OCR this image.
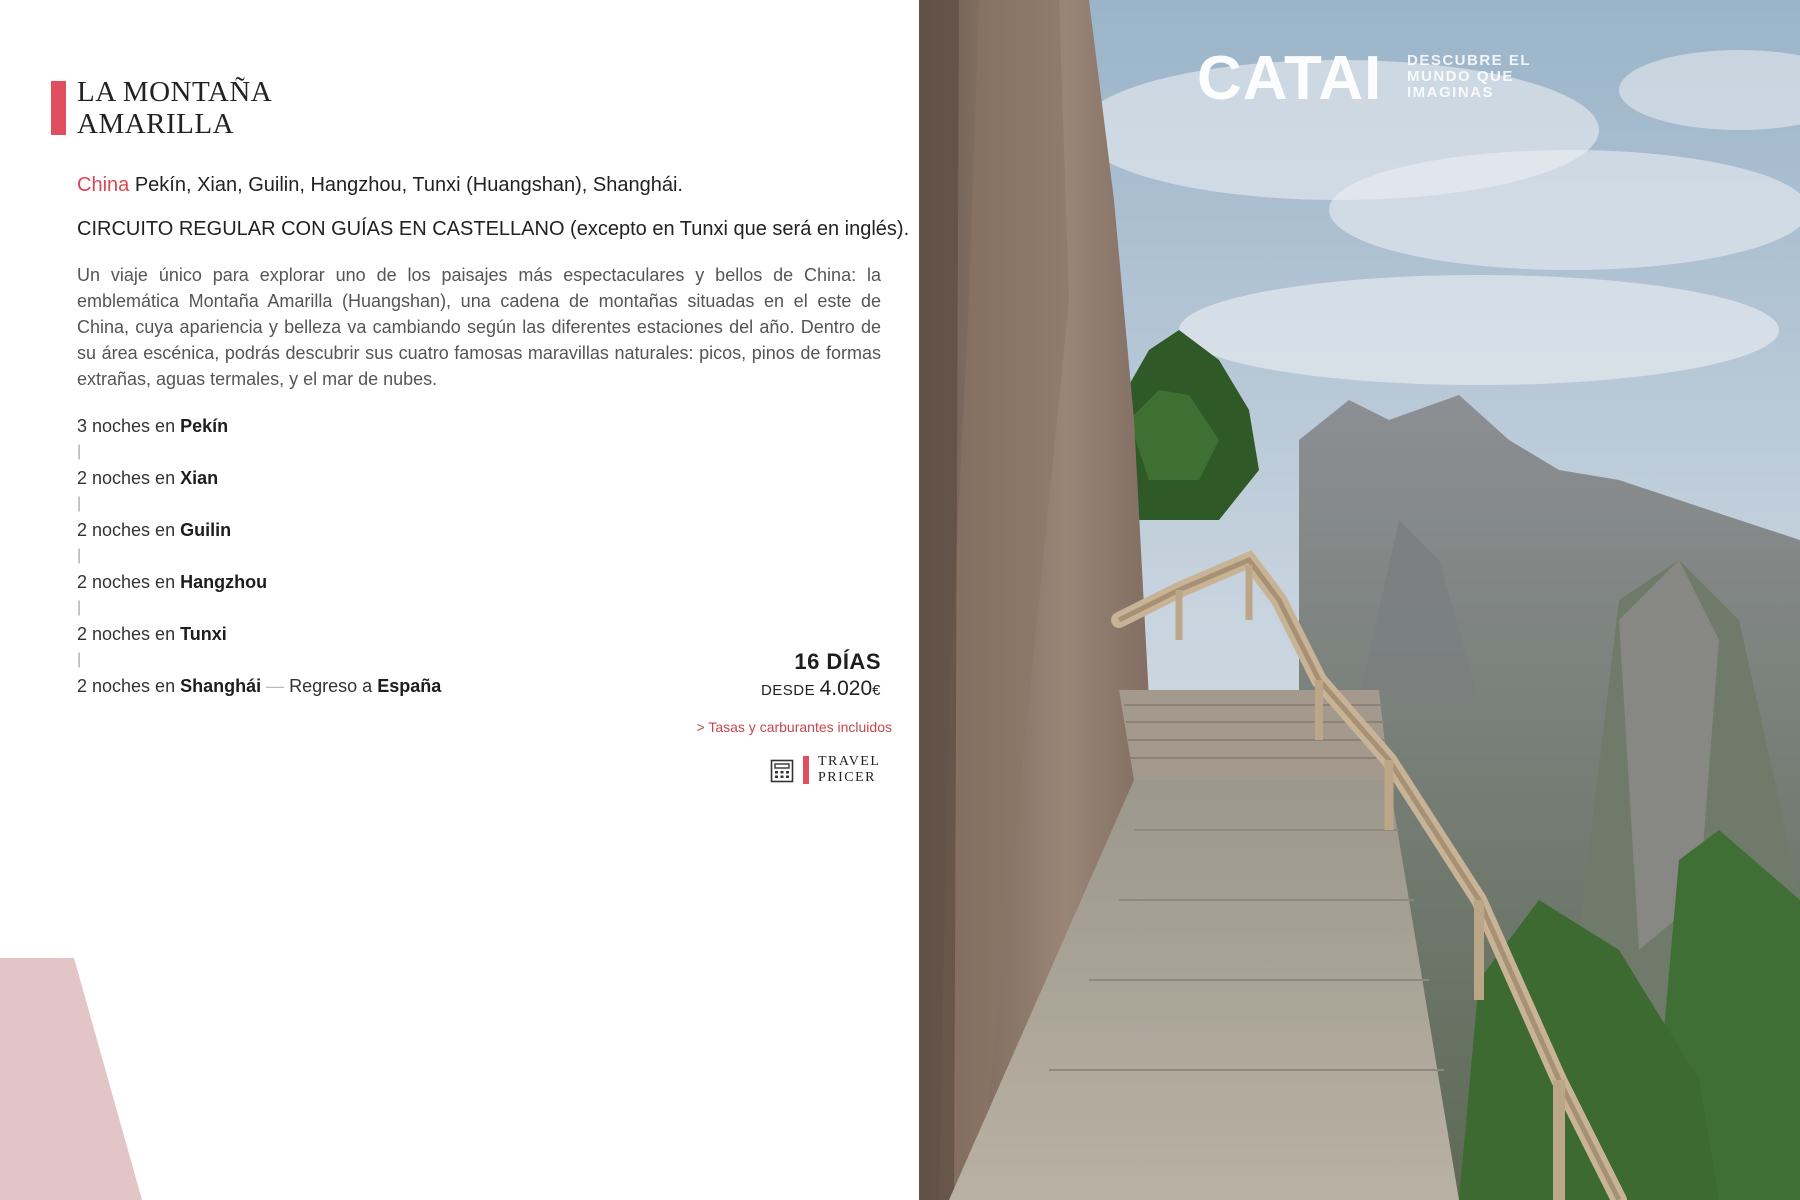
LA MONTAÑA
AMARILLA
China Pekín, Xian, Guilin, Hangzhou, Tunxi (Huangshan), Shanghái.
CIRCUITO REGULAR CON GUÍAS EN CASTELLANO (excepto en Tunxi que será en inglés).
Un viaje único para explorar uno de los paisajes más espectaculares y bellos de China: la emblemática Montaña Amarilla (Huangshan), una cadena de montañas situadas en el este de China, cuya apariencia y belleza va cambiando según las diferentes estaciones del año. Dentro de su área escénica, podrás descubrir sus cuatro famosas maravillas naturales: picos, pinos de formas extrañas, aguas termales, y el mar de nubes.
3 noches en Pekín
|
2 noches en Xian
|
2 noches en Guilin
|
2 noches en Hangzhou
|
2 noches en Tunxi
|
2 noches en Shanghái — Regreso a España
16 DÍAS
DESDE 4.020€
> Tasas y carburantes incluidos
TRAVEL
PRICER
CATAI DESCUBRE EL
MUNDO QUE
IMAGINAS
